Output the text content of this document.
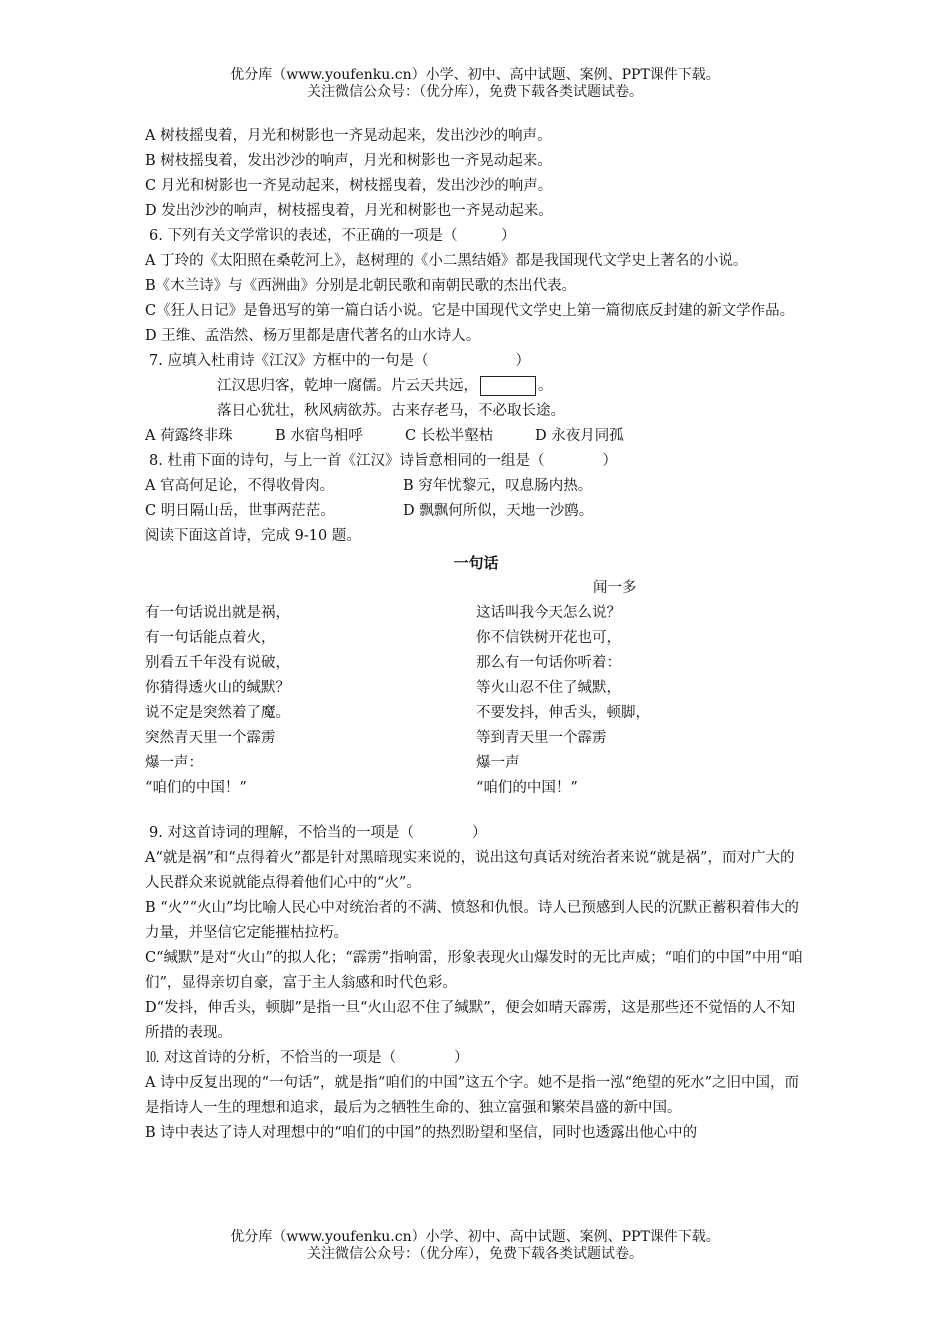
优分库（www.youfenku.cn）小学、初中、高中试题、案例、PPT课件下载。
关注微信公众号：（优分库），免费下载各类试题试卷。
A 树枝摇曳着，月光和树影也一齐晃动起来，发出沙沙的响声。
B 树枝摇曳着，发出沙沙的响声，月光和树影也一齐晃动起来。
C 月光和树影也一齐晃动起来，树枝摇曳着，发出沙沙的响声。
D 发出沙沙的响声，树枝摇曳着，月光和树影也一齐晃动起来。
6. 下列有关文学常识的表述，不正确的一项是（　　　）
A 丁玲的《太阳照在桑乾河上》，赵树理的《小二黑结婚》都是我国现代文学史上著名的小说。
B《木兰诗》与《西洲曲》分别是北朝民歌和南朝民歌的杰出代表。
C《狂人日记》是鲁迅写的第一篇白话小说。它是中国现代文学史上第一篇彻底反封建的新文学作品。
D 王维、孟浩然、杨万里都是唐代著名的山水诗人。
7. 应填入杜甫诗《江汉》方框中的一句是（　　　　　　）
江汉思归客，乾坤一腐儒。片云天共远，	。
落日心犹壮，秋风病欲苏。古来存老马，不必取长途。
A 荷露终非珠	B 水宿鸟相呼	C 长松半壑枯	D 永夜月同孤
8. 杜甫下面的诗句，与上一首《江汉》诗旨意相同的一组是（　　　　）
A 官高何足论，不得收骨肉。	B 穷年忧黎元，叹息肠内热。
C 明日隔山岳，世事两茫茫。	D 飘飘何所似，天地一沙鸥。
阅读下面这首诗，完成 9-10 题。
一句话
闻一多
有一句话说出就是祸，
有一句话能点着火，
别看五千年没有说破，
你猜得透火山的缄默？
说不定是突然着了魔。
突然青天里一个霹雳
爆一声：
“咱们的中国！”
这话叫我今天怎么说？
你不信铁树开花也可，
那么有一句话你听着：
等火山忍不住了缄默，
不要发抖，伸舌头，顿脚，
等到青天里一个霹雳
爆一声
“咱们的中国！”
9. 对这首诗词的理解，不恰当的一项是（　　　　）
A“就是祸”和“点得着火”都是针对黑暗现实来说的，说出这句真话对统治者来说“就是祸”，而对广大的人民群众来说就能点得着他们心中的“火”。
B “火”“火山”均比喻人民心中对统治者的不满、愤怒和仇恨。诗人已预感到人民的沉默正蓄积着伟大的力量，并坚信它定能摧枯拉朽。
C“缄默”是对“火山”的拟人化；“霹雳”指响雷，形象表现火山爆发时的无比声威；“咱们的中国”中用“咱们”，显得亲切自豪，富于主人翁感和时代色彩。
D“发抖，伸舌头，顿脚”是指一旦“火山忍不住了缄默”，便会如晴天霹雳，这是那些还不觉悟的人不知所措的表现。
⒑ 对这首诗的分析，不恰当的一项是（　　　　）
A 诗中反复出现的“一句话”，就是指“咱们的中国”这五个字。她不是指一泓“绝望的死水”之旧中国，而是指诗人一生的理想和追求，最后为之牺牲生命的、独立富强和繁荣昌盛的新中国。
B 诗中表达了诗人对理想中的“咱们的中国”的热烈盼望和坚信，同时也透露出他心中的
优分库（www.youfenku.cn）小学、初中、高中试题、案例、PPT课件下载。
关注微信公众号：（优分库），免费下载各类试题试卷。
